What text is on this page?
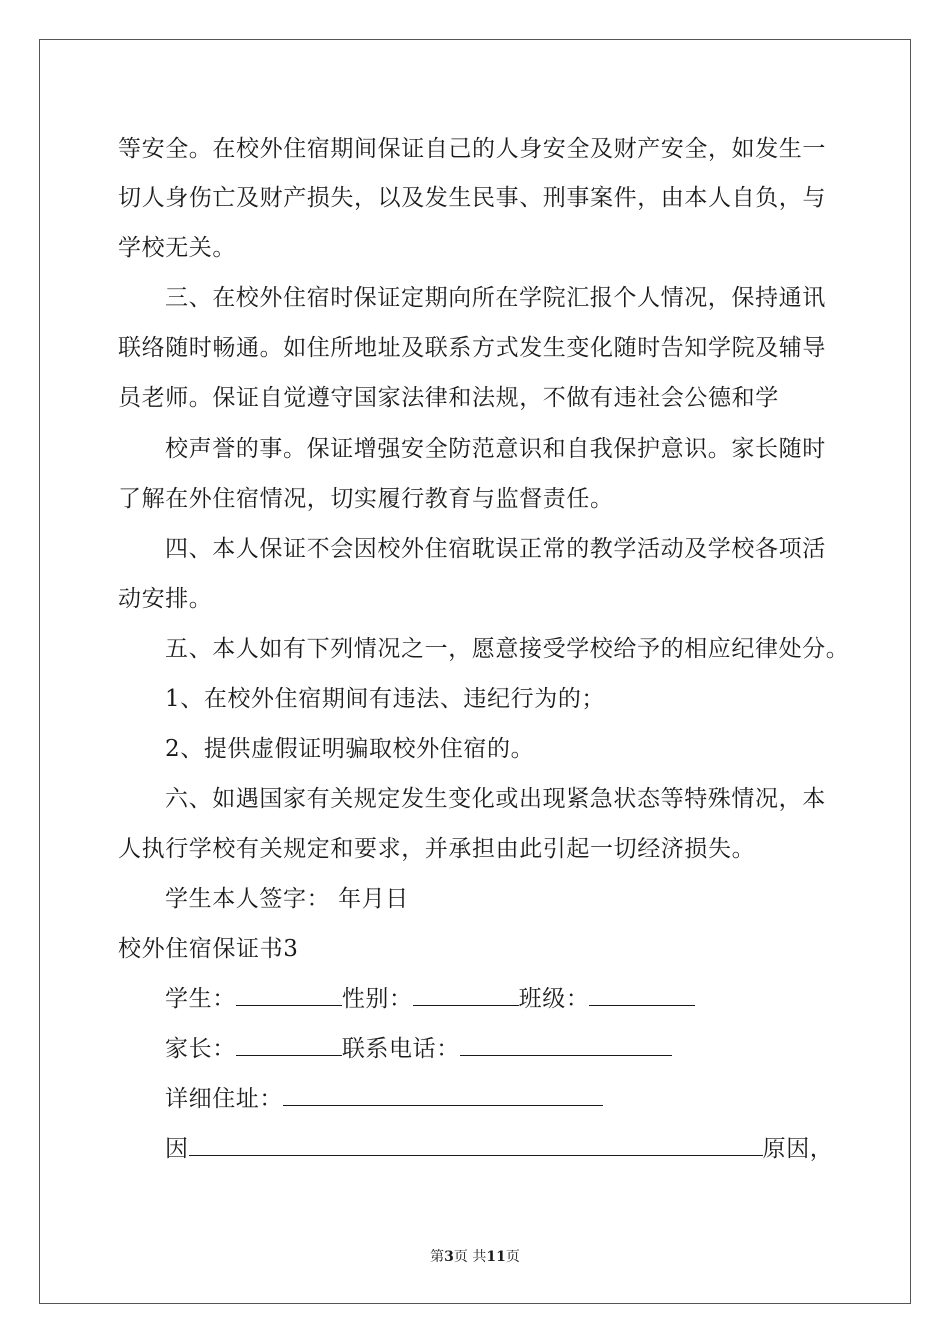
等安全。在校外住宿期间保证自己的人身安全及财产安全，如发生一
切人身伤亡及财产损失，以及发生民事、刑事案件，由本人自负，与
学校无关。
三、在校外住宿时保证定期向所在学院汇报个人情况，保持通讯
联络随时畅通。如住所地址及联系方式发生变化随时告知学院及辅导
员老师。保证自觉遵守国家法律和法规，不做有违社会公德和学
校声誉的事。保证增强安全防范意识和自我保护意识。家长随时
了解在外住宿情况，切实履行教育与监督责任。
四、本人保证不会因校外住宿耽误正常的教学活动及学校各项活
动安排。
五、本人如有下列情况之一，愿意接受学校给予的相应纪律处分。
1、在校外住宿期间有违法、违纪行为的；
2、提供虚假证明骗取校外住宿的。
六、如遇国家有关规定发生变化或出现紧急状态等特殊情况，本
人执行学校有关规定和要求，并承担由此引起一切经济损失。
学生本人签字： 年月日
校外住宿保证书3
学生：	性别：	班级：
家长：	联系电话：
详细住址：
因	原因，
第3页 共11页
